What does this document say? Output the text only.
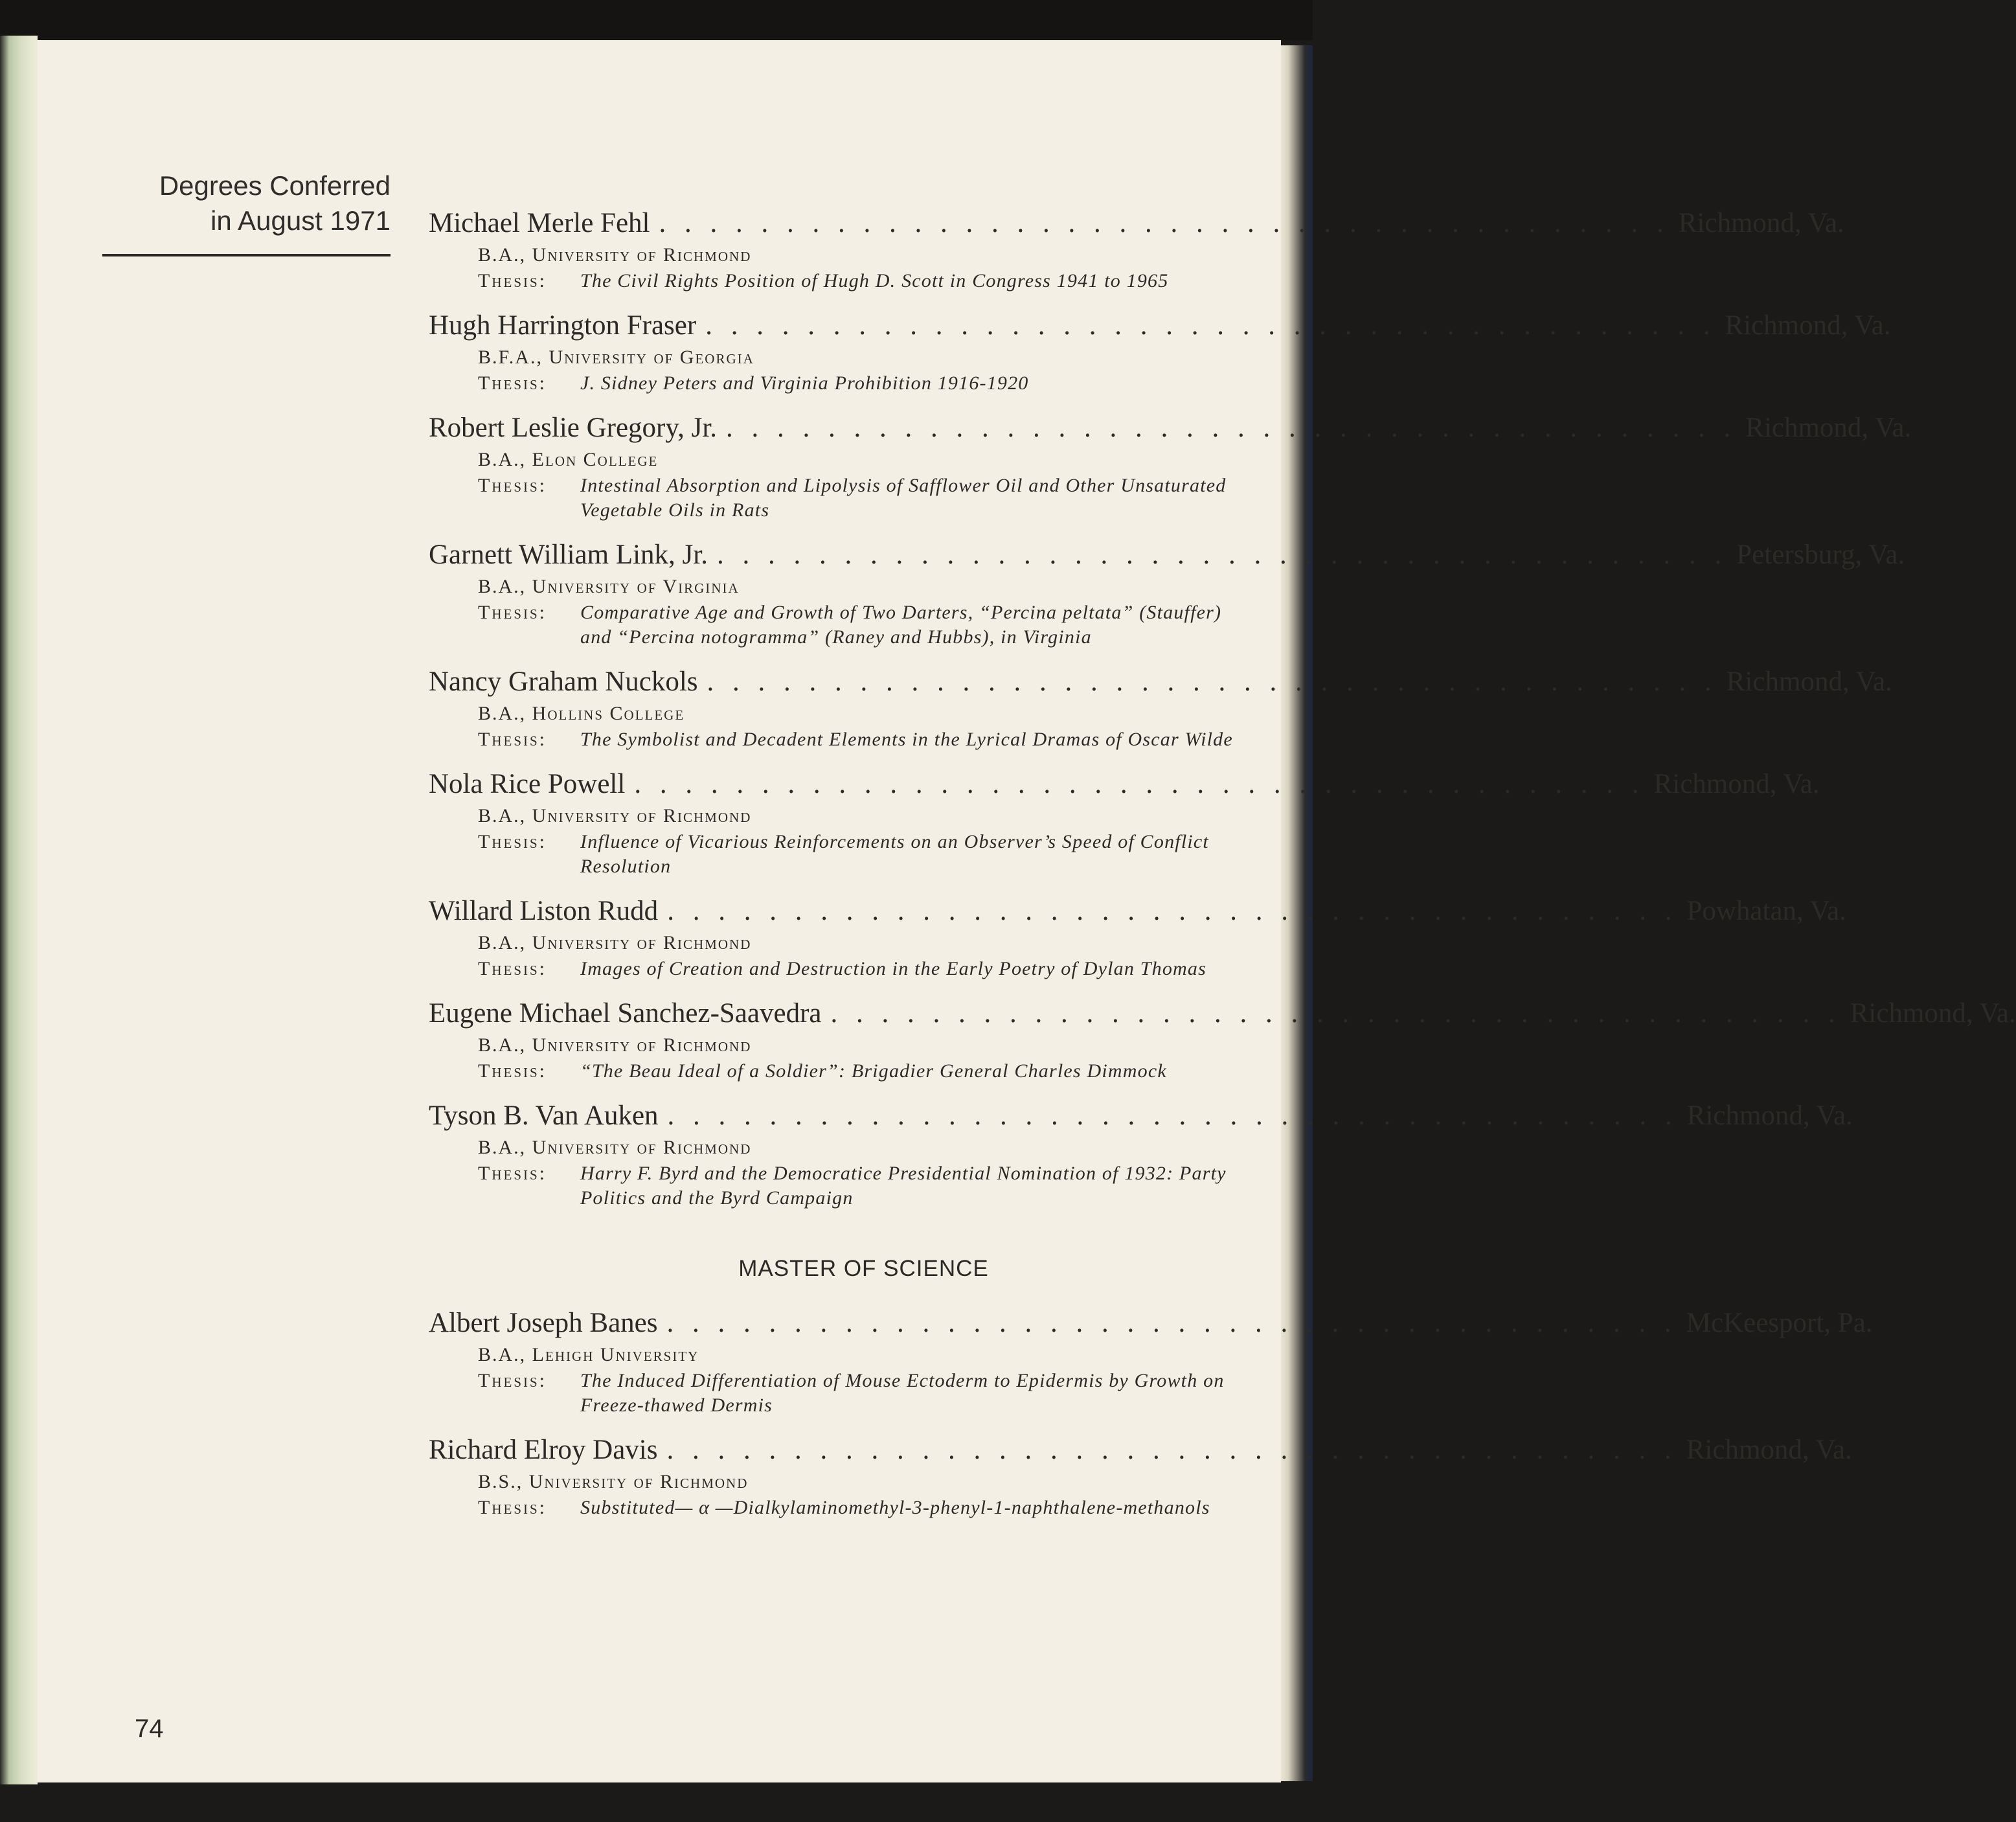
Degrees Conferred
in August 1971 Michael Merle Fehl . . . . . . . . . . . . . . . . . . . . . . . . . . . . . . . . . . . . . . . . Richmond, Va.
B.A., University of Richmond
Thesis:	The Civil Rights Position of Hugh D. Scott in Congress 1941 to 1965
Hugh Harrington Fraser . . . . . . . . . . . . . . . . . . . . . . . . . . . . . . . . . . . . . . . . Richmond, Va.
B.F.A., University of Georgia
Thesis:	J. Sidney Peters and Virginia Prohibition 1916-1920
Robert Leslie Gregory, Jr. . . . . . . . . . . . . . . . . . . . . . . . . . . . . . . . . . . . . . . . . Richmond, Va.
B.A., Elon College
Thesis:	Intestinal Absorption and Lipolysis of Safflower Oil and Other Unsaturated Vegetable Oils in Rats
Garnett William Link, Jr. . . . . . . . . . . . . . . . . . . . . . . . . . . . . . . . . . . . . . . . . Petersburg, Va.
B.A., University of Virginia
Thesis:	Comparative Age and Growth of Two Darters, “Percina peltata” (Stauffer) and “Percina notogramma” (Raney and Hubbs), in Virginia
Nancy Graham Nuckols . . . . . . . . . . . . . . . . . . . . . . . . . . . . . . . . . . . . . . . . Richmond, Va.
B.A., Hollins College
Thesis:	The Symbolist and Decadent Elements in the Lyrical Dramas of Oscar Wilde
Nola Rice Powell . . . . . . . . . . . . . . . . . . . . . . . . . . . . . . . . . . . . . . . . Richmond, Va.
B.A., University of Richmond
Thesis:	Influence of Vicarious Reinforcements on an Observer’s Speed of Conflict Resolution
Willard Liston Rudd . . . . . . . . . . . . . . . . . . . . . . . . . . . . . . . . . . . . . . . . Powhatan, Va.
B.A., University of Richmond
Thesis:	Images of Creation and Destruction in the Early Poetry of Dylan Thomas
Eugene Michael Sanchez-Saavedra . . . . . . . . . . . . . . . . . . . . . . . . . . . . . . . . . . . . . . . . Richmond, Va.
B.A., University of Richmond
Thesis:	“The Beau Ideal of a Soldier”: Brigadier General Charles Dimmock
Tyson B. Van Auken . . . . . . . . . . . . . . . . . . . . . . . . . . . . . . . . . . . . . . . . Richmond, Va.
B.A., University of Richmond
Thesis:	Harry F. Byrd and the Democratice Presidential Nomination of 1932: Party Politics and the Byrd Campaign
MASTER OF SCIENCE
Albert Joseph Banes . . . . . . . . . . . . . . . . . . . . . . . . . . . . . . . . . . . . . . . . McKeesport, Pa.
B.A., Lehigh University
Thesis:	The Induced Differentiation of Mouse Ectoderm to Epidermis by Growth on Freeze-thawed Dermis
Richard Elroy Davis . . . . . . . . . . . . . . . . . . . . . . . . . . . . . . . . . . . . . . . . Richmond, Va.
B.S., University of Richmond
Thesis:	Substituted— α —Dialkylaminomethyl-3-phenyl-1-naphthalene-methanols
74
